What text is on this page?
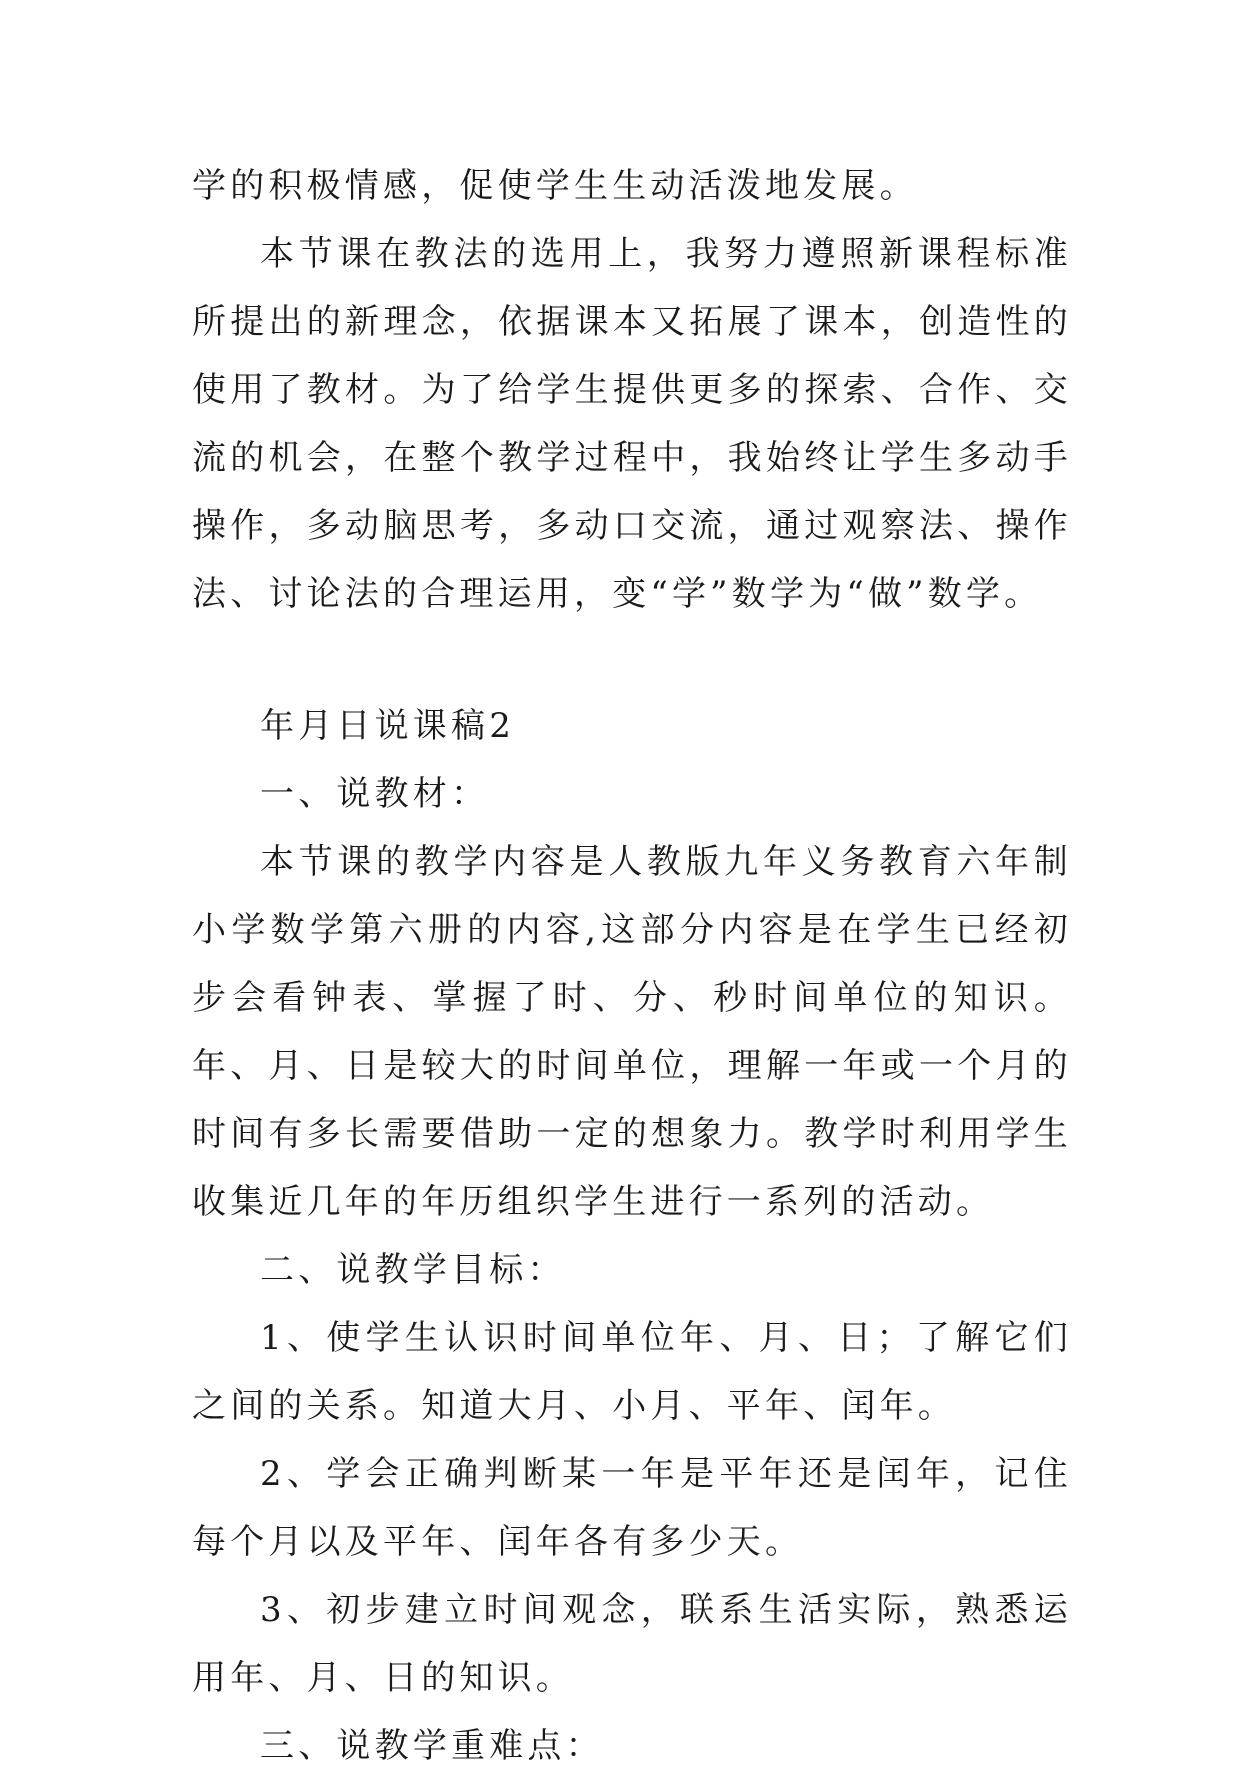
学的积极情感，促使学生生动活泼地发展。

本节课在教法的选用上，我努力遵照新课程标准所提出的新理念，依据课本又拓展了课本，创造性的使用了教材。为了给学生提供更多的探索、合作、交流的机会，在整个教学过程中，我始终让学生多动手操作，多动脑思考，多动口交流，通过观察法、操作法、讨论法的合理运用，变“学”数学为“做”数学。

年月日说课稿2

一、说教材：

本节课的教学内容是人教版九年义务教育六年制小学数学第六册的内容,这部分内容是在学生已经初步会看钟表、掌握了时、分、秒时间单位的知识。年、月、日是较大的时间单位，理解一年或一个月的时间有多长需要借助一定的想象力。教学时利用学生收集近几年的年历组织学生进行一系列的活动。

二、说教学目标：

1、使学生认识时间单位年、月、日；了解它们之间的关系。知道大月、小月、平年、闰年。

2、学会正确判断某一年是平年还是闰年，记住每个月以及平年、闰年各有多少天。

3、初步建立时间观念，联系生活实际，熟悉运用年、月、日的知识。

三、说教学重难点：
